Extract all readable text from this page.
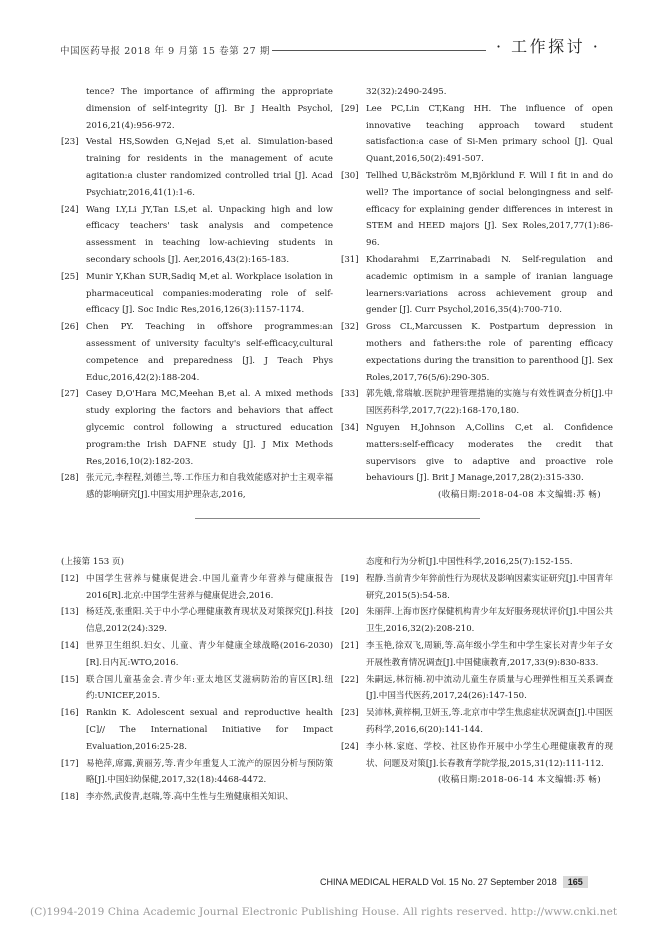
中国医药导报 2018 年 9 月第 15 卷第 27 期	· 工作探讨 ·
tence? The importance of affirming the appropriate dimension of self-integrity [J]. Br J Health Psychol, 2016,21(4):956-972.
[23] Vestal HS,Sowden G,Nejad S,et al. Simulation-based training for residents in the management of acute agitation:a cluster randomized controlled trial [J]. Acad Psychiatr,2016,41(1):1-6.
[24] Wang LY,Li JY,Tan LS,et al. Unpacking high and low efficacy teachers' task analysis and competence assessment in teaching low-achieving students in secondary schools [J]. Aer,2016,43(2):165-183.
[25] Munir Y,Khan SUR,Sadiq M,et al. Workplace isolation in pharmaceutical companies:moderating role of self-efficacy [J]. Soc Indic Res,2016,126(3):1157-1174.
[26] Chen PY. Teaching in offshore programmes:an assessment of university faculty's self-efficacy,cultural competence and preparedness [J]. J Teach Phys Educ,2016,42(2):188-204.
[27] Casey D,O'Hara MC,Meehan B,et al. A mixed methods study exploring the factors and behaviors that affect glycemic control following a structured education program:the Irish DAFNE study [J]. J Mix Methods Res,2016,10(2):182-203.
[28] 张元元,李程程,刘德兰,等.工作压力和自我效能感对护士主观幸福感的影响研究[J].中国实用护理杂志,2016,
32(32):2490-2495.
[29] Lee PC,Lin CT,Kang HH. The influence of open innovative teaching approach toward student satisfaction:a case of Si-Men primary school [J]. Qual Quant,2016,50(2):491-507.
[30] Tellhed U,Bäckström M,Björklund F. Will I fit in and do well? The importance of social belongingness and self-efficacy for explaining gender differences in interest in STEM and HEED majors [J]. Sex Roles,2017,77(1):86-96.
[31] Khodarahmi E,Zarrinabadi N. Self-regulation and academic optimism in a sample of iranian language learners:variations across achievement group and gender [J]. Curr Psychol,2016,35(4):700-710.
[32] Gross CL,Marcussen K. Postpartum depression in mothers and fathers:the role of parenting efficacy expectations during the transition to parenthood [J]. Sex Roles,2017,76(5/6):290-305.
[33] 郭先娥,常瑞敏.医院护理管理措施的实施与有效性调查分析[J].中国医药科学,2017,7(22):168-170,180.
[34] Nguyen H,Johnson A,Collins C,et al. Confidence matters:self-efficacy moderates the credit that supervisors give to adaptive and proactive role behaviours [J]. Brit J Manage,2017,28(2):315-330.
(收稿日期:2018-04-08 本文编辑:苏 畅)
(上接第 153 页)
[12] 中国学生营养与健康促进会.中国儿童青少年营养与健康报告 2016[R].北京:中国学生营养与健康促进会,2016.
[13] 杨廷茂,张重阳.关于中小学心理健康教育现状及对策探究[J].科技信息,2012(24):329.
[14] 世界卫生组织.妇女、儿童、青少年健康全球战略(2016-2030)[R].日内瓦:WTO,2016.
[15] 联合国儿童基金会.青少年:亚太地区艾滋病防治的盲区[R].纽约:UNICEF,2015.
[16] Rankin K. Adolescent sexual and reproductive health [C]// The International Initiative for Impact Evaluation,2016:25-28.
[17] 易艳萍,席露,黄丽芳,等.青少年重复人工流产的原因分析与预防策略[J].中国妇幼保健,2017,32(18):4468-4472.
[18] 李亦然,武俊青,赵瑞,等.高中生性与生殖健康相关知识、
态度和行为分析[J].中国性科学,2016,25(7):152-155.
[19] 程静.当前青少年猝前性行为现状及影响因素实证研究[J].中国青年研究,2015(5):54-58.
[20] 朱丽萍.上海市医疗保健机构青少年友好服务现状评价[J].中国公共卫生,2016,32(2):208-210.
[21] 李玉艳,徐双飞,周颖,等.高年级小学生和中学生家长对青少年子女开展性教育情况调查[J].中国健康教育,2017,33(9):830-833.
[22] 朱嗣远,林衍楠.初中流动儿童生存质量与心理弹性相互关系调查[J].中国当代医药,2017,24(26):147-150.
[23] 吴沛林,黄梓桐,卫妍玉,等.北京市中学生焦虑症状况调查[J].中国医药科学,2016,6(20):141-144.
[24] 李小林.家庭、学校、社区协作开展中小学生心理健康教育的现状、问题及对策[J].长春教育学院学报,2015,31(12):111-112.
(收稿日期:2018-06-14 本文编辑:苏 畅)
CHINA MEDICAL HERALD Vol. 15 No. 27 September 2018 165
(C)1994-2019 China Academic Journal Electronic Publishing House. All rights reserved. http://www.cnki.net
